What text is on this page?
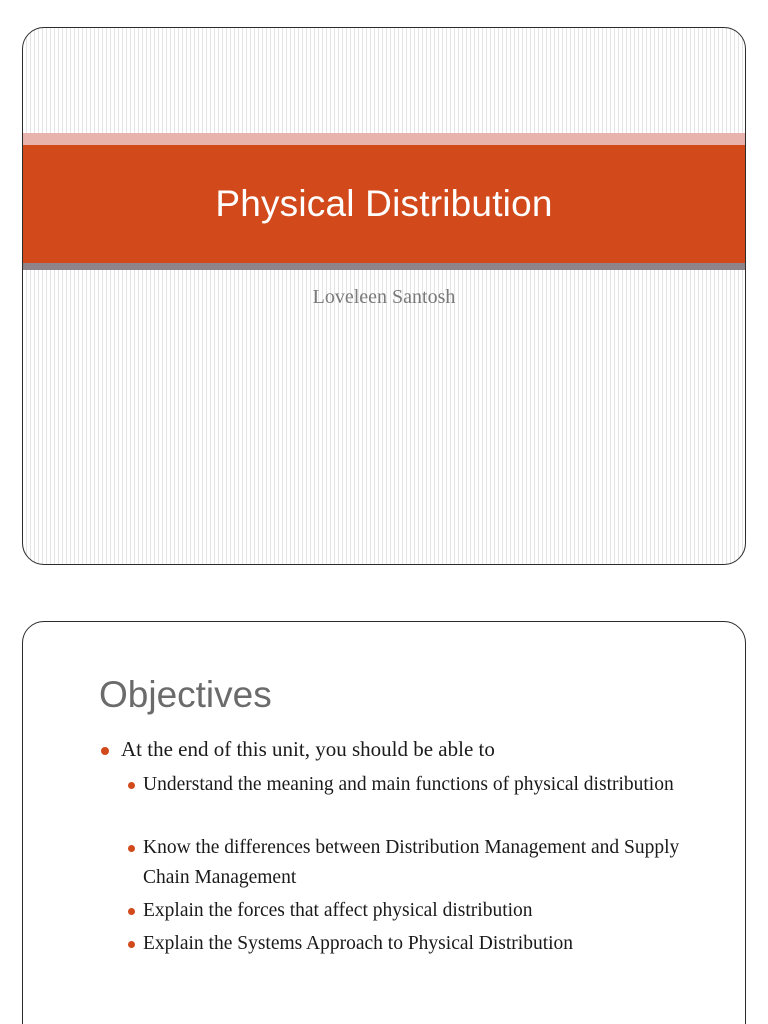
Physical Distribution
Loveleen Santosh
Objectives
At the end of this unit, you should be able to
Understand the meaning and main functions of physical distribution
Know the differences between Distribution Management and Supply Chain Management
Explain the forces that affect physical distribution
Explain the Systems Approach to Physical Distribution
